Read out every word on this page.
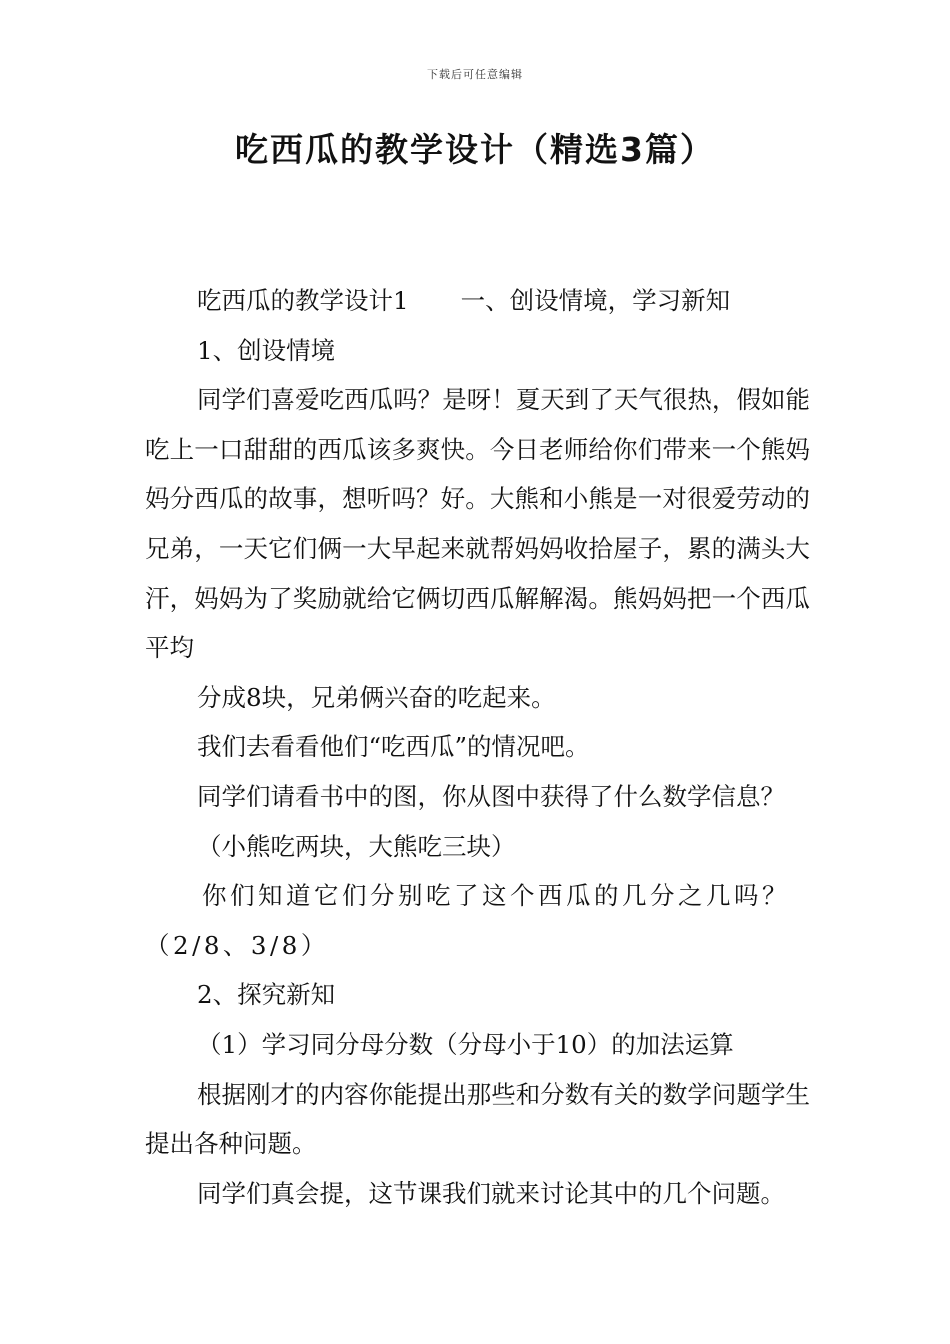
下载后可任意编辑
吃西瓜的教学设计（精选3篇）

吃西瓜的教学设计1 一、创设情境，学习新知

1、创设情境

同学们喜爱吃西瓜吗？是呀！夏天到了天气很热，假如能吃上一口甜甜的西瓜该多爽快。今日老师给你们带来一个熊妈妈分西瓜的故事，想听吗？好。大熊和小熊是一对很爱劳动的兄弟，一天它们俩一大早起来就帮妈妈收拾屋子，累的满头大汗，妈妈为了奖励就给它俩切西瓜解解渴。熊妈妈把一个西瓜平均

分成8块，兄弟俩兴奋的吃起来。

我们去看看他们“吃西瓜”的情况吧。

同学们请看书中的图，你从图中获得了什么数学信息？

（小熊吃两块，大熊吃三块）

你们知道它们分别吃了这个西瓜的几分之几吗？（2/8、3/8）

2、探究新知

（1）学习同分母分数（分母小于10）的加法运算

根据刚才的内容你能提出那些和分数有关的数学问题学生提出各种问题。

同学们真会提，这节课我们就来讨论其中的几个问题。
